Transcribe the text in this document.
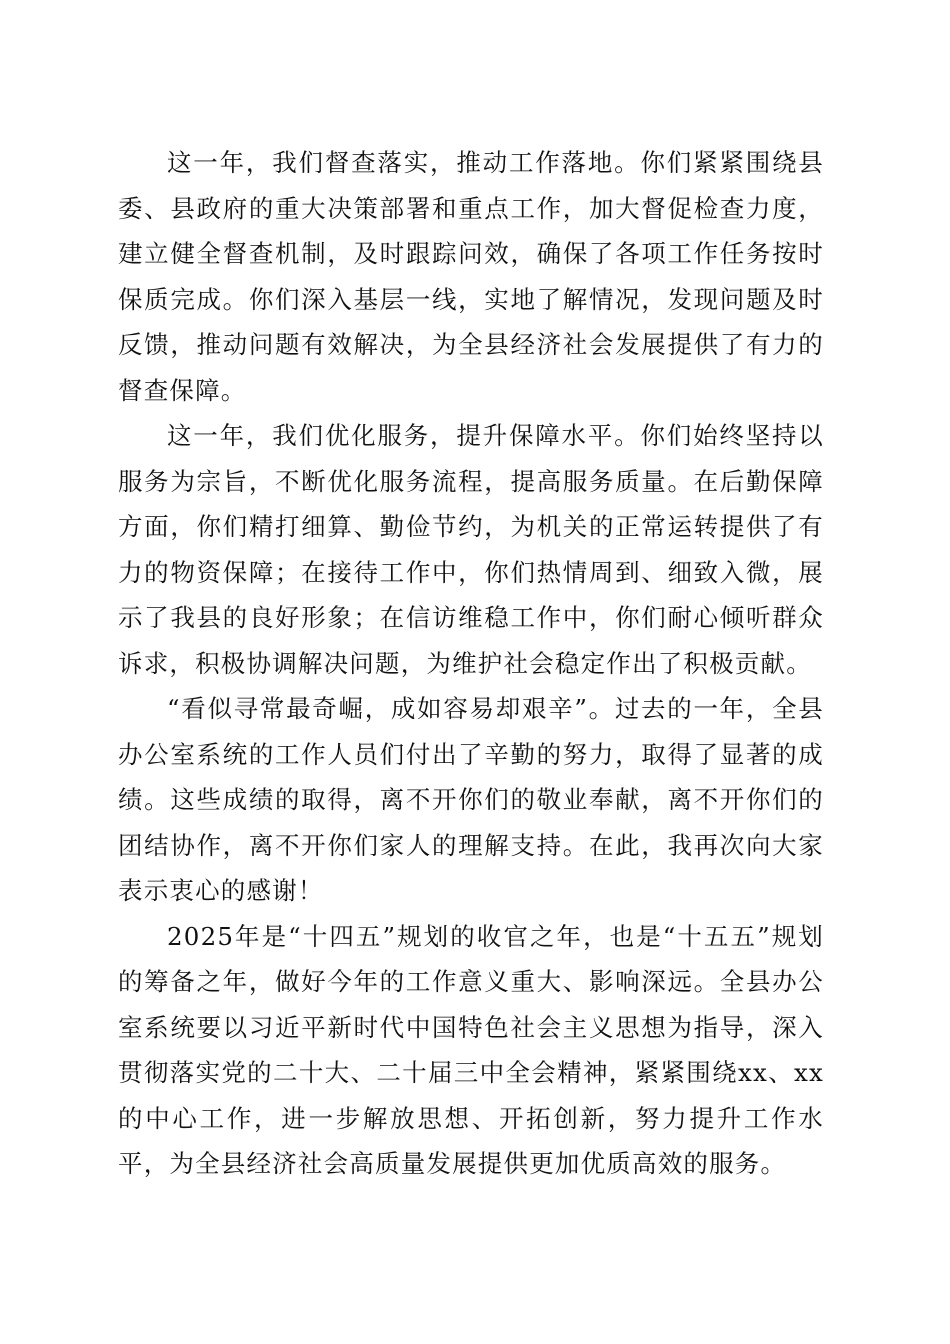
这一年，我们督查落实，推动工作落地。你们紧紧围绕县委、县政府的重大决策部署和重点工作，加大督促检查力度，建立健全督查机制，及时跟踪问效，确保了各项工作任务按时保质完成。你们深入基层一线，实地了解情况，发现问题及时反馈，推动问题有效解决，为全县经济社会发展提供了有力的督查保障。

这一年，我们优化服务，提升保障水平。你们始终坚持以服务为宗旨，不断优化服务流程，提高服务质量。在后勤保障方面，你们精打细算、勤俭节约，为机关的正常运转提供了有力的物资保障；在接待工作中，你们热情周到、细致入微，展示了我县的良好形象；在信访维稳工作中，你们耐心倾听群众诉求，积极协调解决问题，为维护社会稳定作出了积极贡献。

“看似寻常最奇崛，成如容易却艰辛”。过去的一年，全县办公室系统的工作人员们付出了辛勤的努力，取得了显著的成绩。这些成绩的取得，离不开你们的敬业奉献，离不开你们的团结协作，离不开你们家人的理解支持。在此，我再次向大家表示衷心的感谢！

2025年是“十四五”规划的收官之年，也是“十五五”规划的筹备之年，做好今年的工作意义重大、影响深远。全县办公室系统要以习近平新时代中国特色社会主义思想为指导，深入贯彻落实党的二十大、二十届三中全会精神，紧紧围绕xx、xx的中心工作，进一步解放思想、开拓创新，努力提升工作水平，为全县经济社会高质量发展提供更加优质高效的服务。
